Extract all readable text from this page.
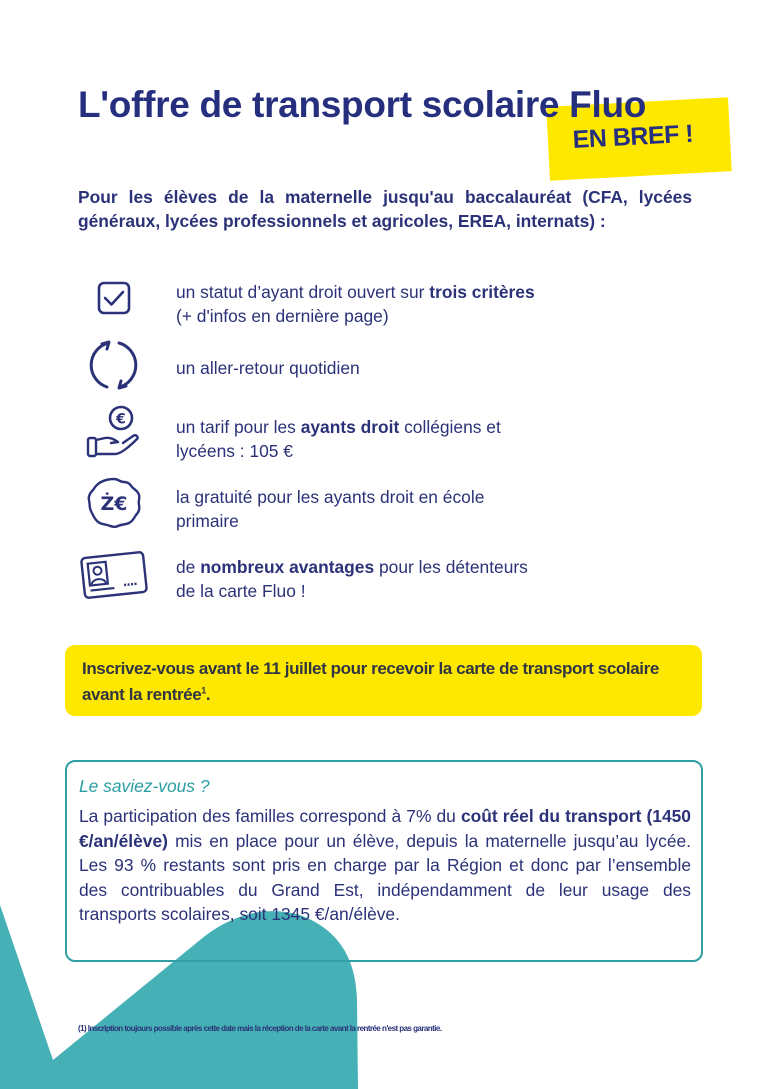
EN BREF !
L'offre de transport scolaire Fluo

Pour les élèves de la maternelle jusqu'au baccalauréat (CFA, lycées généraux, lycées professionnels et agricoles, EREA, internats) :

un statut d’ayant droit ouvert sur trois critères
(+ d'infos en dernière page)
un aller-retour quotidien
€	un tarif pour les ayants droit collégiens et
lycéens : 105 €
Ż€	la gratuité pour les ayants droit en école
primaire
de nombreux avantages pour les détenteurs
de la carte Fluo !
Inscrivez-vous avant le 11 juillet pour recevoir la carte de transport scolaire avant la rentrée$^1$.
Le saviez-vous ?

La participation des familles correspond à 7% du coût réel du transport (1450 €/an/élève) mis en place pour un élève, depuis la maternelle jusqu’au lycée. Les 93 % restants sont pris en charge par la Région et donc par l’ensemble des contribuables du Grand Est, indépendamment de leur usage des transports scolaires, soit 1345 €/an/élève.

(1) Inscription toujours possible après cette date mais la réception de la carte avant la rentrée n'est pas garantie.
